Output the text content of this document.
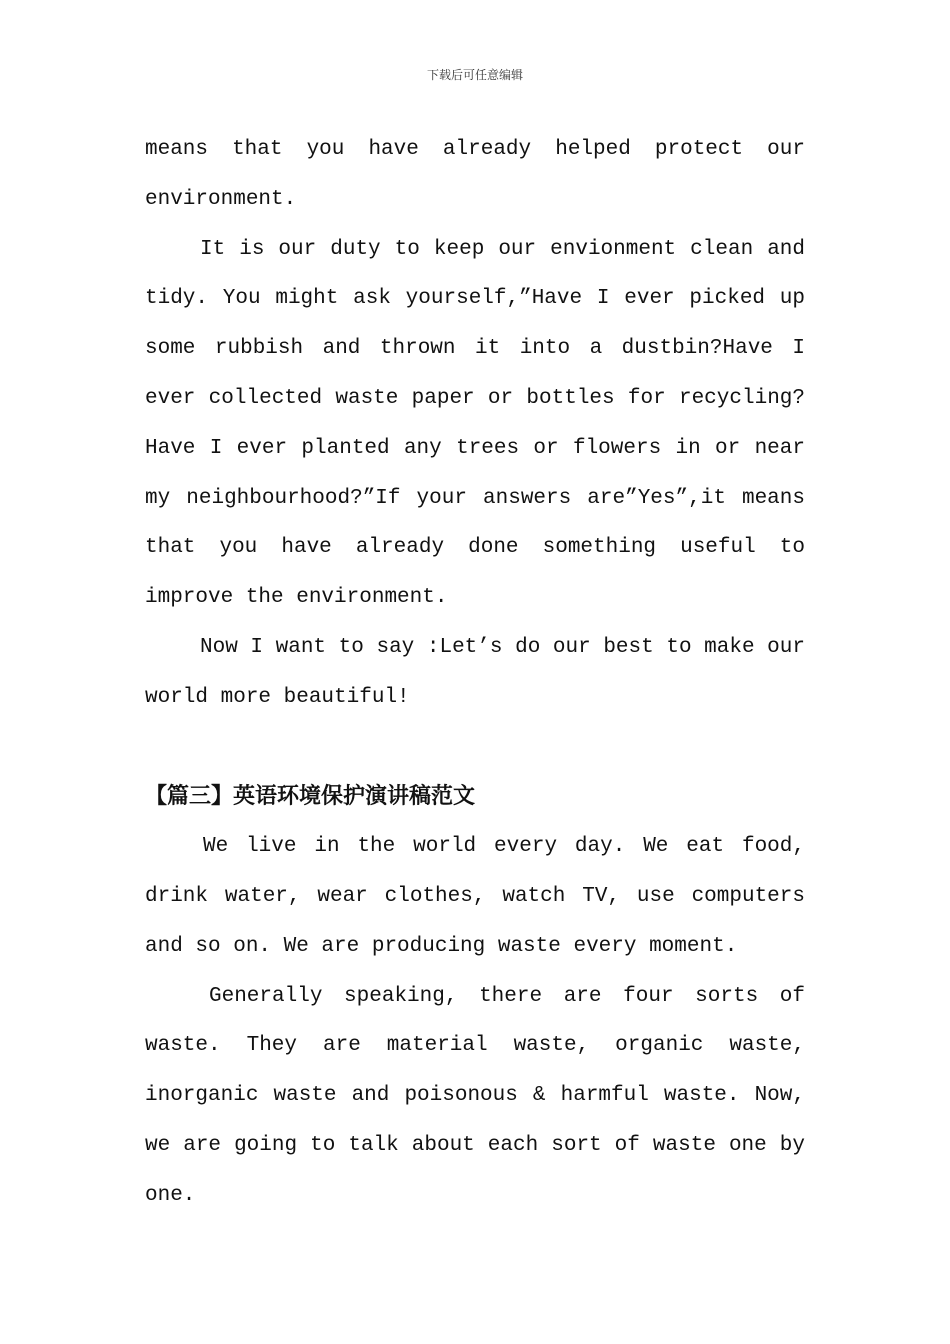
下载后可任意编辑

means that you have already helped protect our environment.

It is our duty to keep our envionment clean and tidy. You might ask yourself,”Have I ever picked up some rubbish and thrown it into a dustbin?Have I ever collected waste paper or bottles for recycling?Have I ever planted any trees or flowers in or near my neighbourhood?”If your answers are”Yes”,it means that you have already done something useful to improve the environment.

Now I want to say :Let’s do our best to make our world more beautiful!

【篇三】英语环境保护演讲稿范文

We live in the world every day. We eat food, drink water, wear clothes, watch TV, use computers and so on. We are producing waste every moment.

Generally speaking, there are four sorts of waste. They are material waste, organic waste, inorganic waste and poisonous & harmful waste. Now, we are going to talk about each sort of waste one by one.
